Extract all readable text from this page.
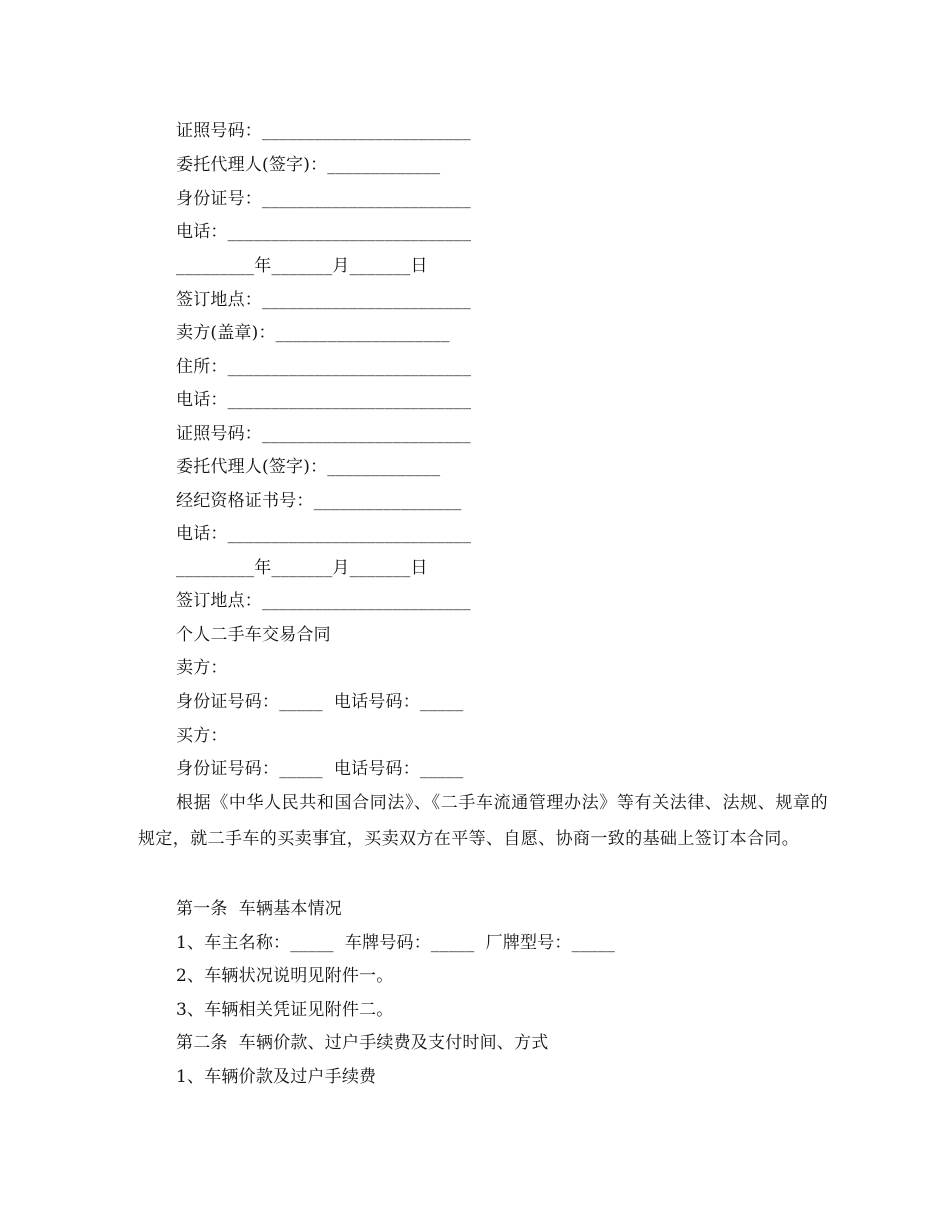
证照号码：________________________
委托代理人(签字)：_____________
身份证号：________________________
电话：____________________________
_________年_______月_______日
签订地点：________________________
卖方(盖章)：____________________
住所：____________________________
电话：____________________________
证照号码：________________________
委托代理人(签字)：_____________
经纪资格证书号：_________________
电话：____________________________
_________年_______月_______日
签订地点：________________________
个人二手车交易合同
卖方：
身份证号码：_____  电话号码：_____
买方：
身份证号码：_____  电话号码：_____
根据《中华人民共和国合同法》、《二手车流通管理办法》等有关法律、法规、规章的规定，就二手车的买卖事宜，买卖双方在平等、自愿、协商一致的基础上签订本合同。
第一条  车辆基本情况
1、车主名称：_____  车牌号码：_____  厂牌型号：_____
2、车辆状况说明见附件一。
3、车辆相关凭证见附件二。
第二条  车辆价款、过户手续费及支付时间、方式
1、车辆价款及过户手续费
